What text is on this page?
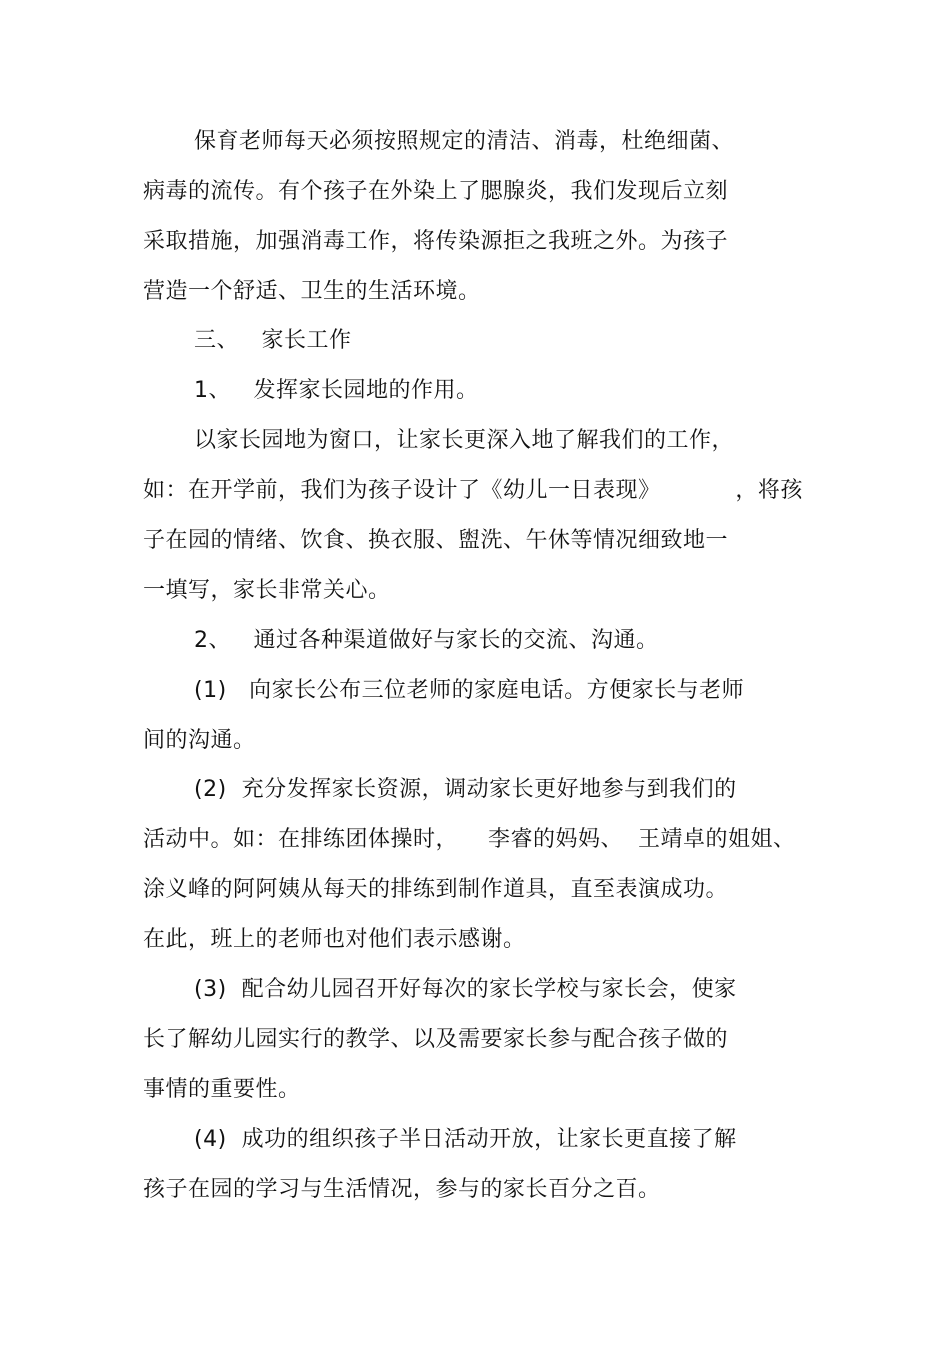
保育老师每天必须按照规定的清洁、消毒，杜绝细菌、
病毒的流传。有个孩子在外染上了腮腺炎，我们发现后立刻
采取措施，加强消毒工作，将传染源拒之我班之外。为孩子
营造一个舒适、卫生的生活环境。
三、   家长工作
1、   发挥家长园地的作用。
以家长园地为窗口，让家长更深入地了解我们的工作，
如：在开学前，我们为孩子设计了《幼儿一日表现》          ，将孩
子在园的情绪、饮食、换衣服、盥洗、午休等情况细致地一
一填写，家长非常关心。
2、   通过各种渠道做好与家长的交流、沟通。
(1)   向家长公布三位老师的家庭电话。方便家长与老师
间的沟通。
(2)  充分发挥家长资源，调动家长更好地参与到我们的
活动中。如：在排练团体操时，    李睿的妈妈、  王靖卓的姐姐、
涂义峰的阿阿姨从每天的排练到制作道具，直至表演成功。
在此，班上的老师也对他们表示感谢。
(3)  配合幼儿园召开好每次的家长学校与家长会，使家
长了解幼儿园实行的教学、以及需要家长参与配合孩子做的
事情的重要性。
(4)  成功的组织孩子半日活动开放，让家长更直接了解
孩子在园的学习与生活情况，参与的家长百分之百。
